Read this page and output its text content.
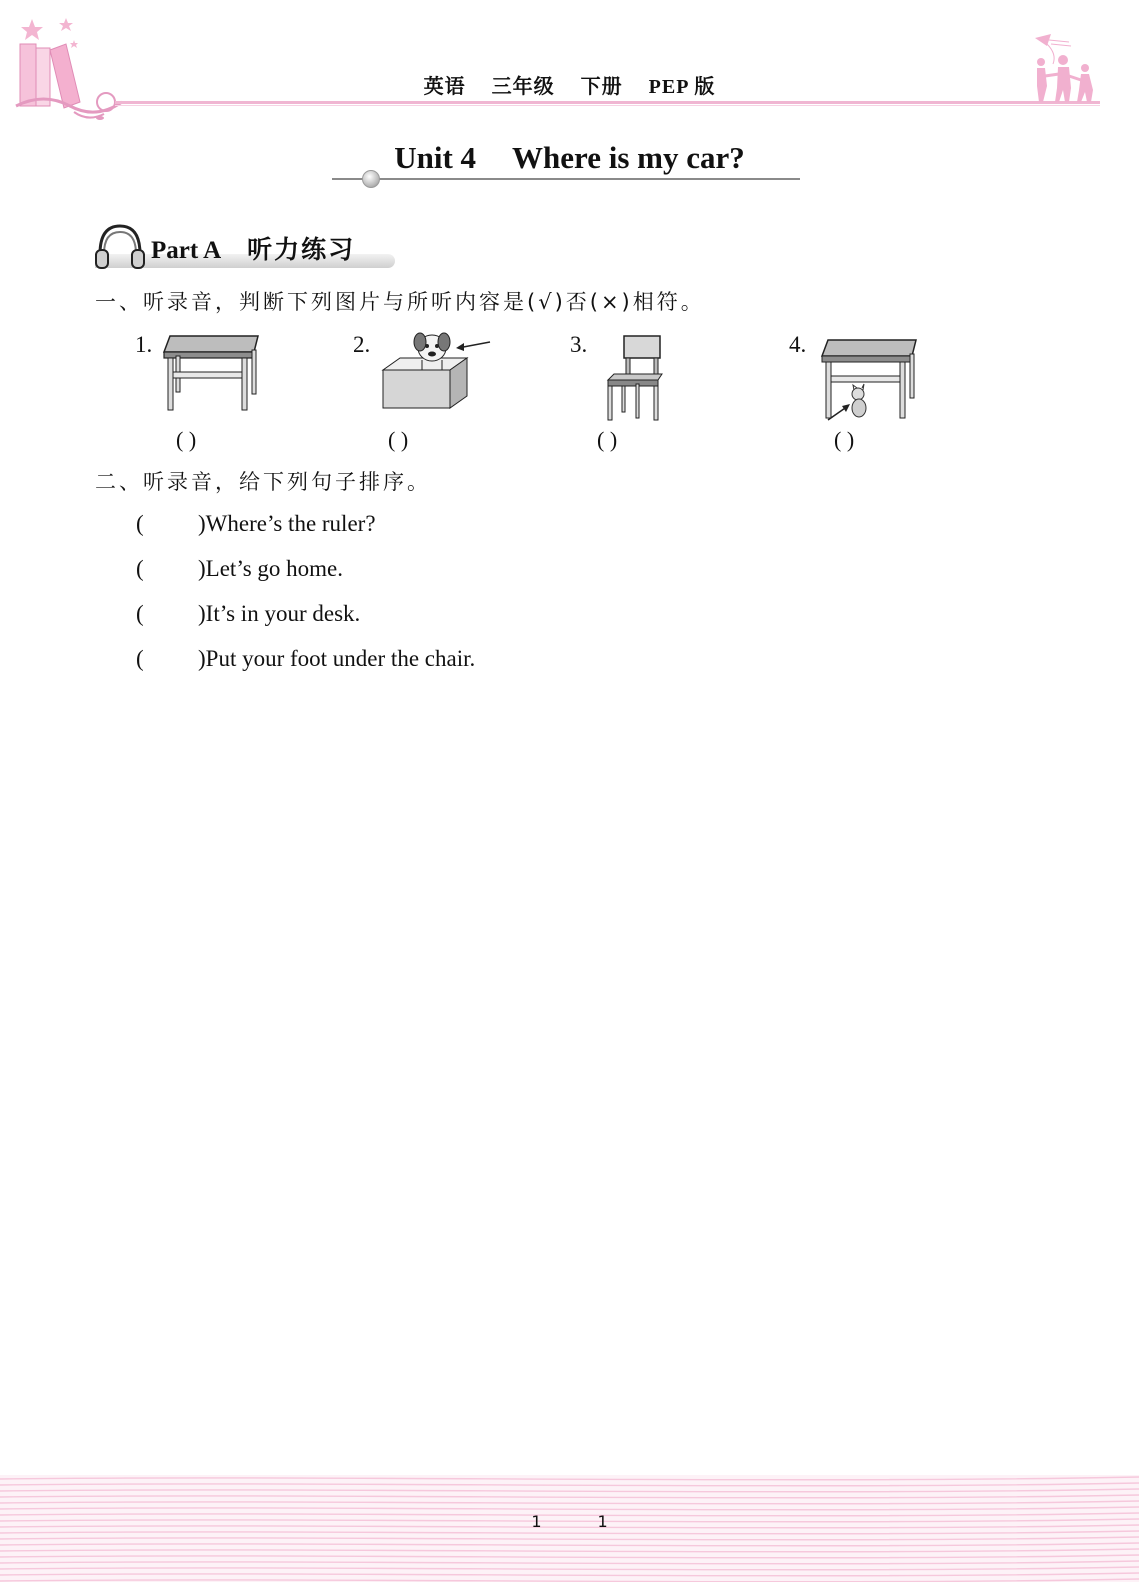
英语 三年级 下册 PEP 版
Unit 4 Where is my car?
Part A 听力练习
一、听录音，判断下列图片与所听内容是(√)否(×)相符。
1.	2.	3.	4.
( )	( )	( )	( )
二、听录音，给下列句子排序。
( )Where’s the ruler?
( )Let’s go home.
( )It’s in your desk.
( )Put your foot under the chair.
1	1
